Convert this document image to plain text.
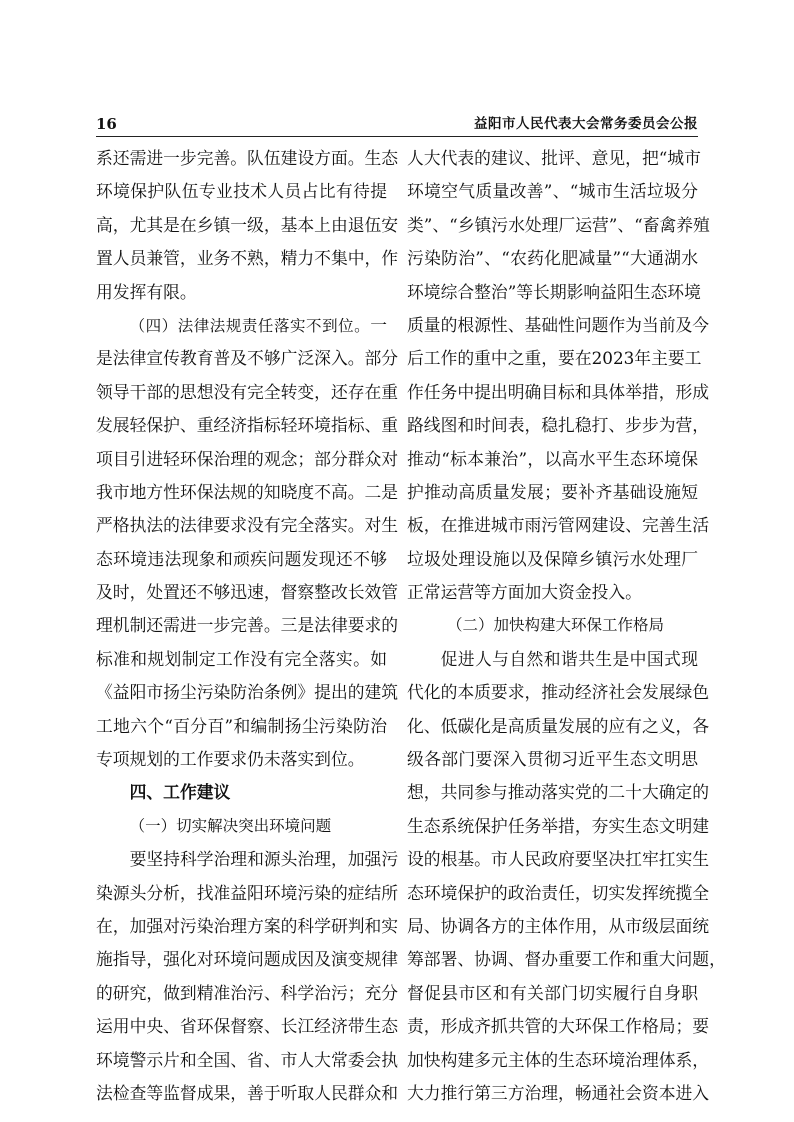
16	益阳市人民代表大会常务委员会公报
系还需进一步完善。队伍建设方面。生态
环境保护队伍专业技术人员占比有待提
高，尤其是在乡镇一级，基本上由退伍安
置人员兼管，业务不熟，精力不集中，作
用发挥有限。
（四）法律法规责任落实不到位。一
是法律宣传教育普及不够广泛深入。部分
领导干部的思想没有完全转变，还存在重
发展轻保护、重经济指标轻环境指标、重
项目引进轻环保治理的观念；部分群众对
我市地方性环保法规的知晓度不高。二是
严格执法的法律要求没有完全落实。对生
态环境违法现象和顽疾问题发现还不够
及时，处置还不够迅速，督察整改长效管
理机制还需进一步完善。三是法律要求的
标准和规划制定工作没有完全落实。如
《益阳市扬尘污染防治条例》提出的建筑
工地六个“百分百”和编制扬尘污染防治
专项规划的工作要求仍未落实到位。
四、工作建议
（一）切实解决突出环境问题
要坚持科学治理和源头治理，加强污
染源头分析，找准益阳环境污染的症结所
在，加强对污染治理方案的科学研判和实
施指导，强化对环境问题成因及演变规律
的研究，做到精准治污、科学治污；充分
运用中央、省环保督察、长江经济带生态
环境警示片和全国、省、市人大常委会执
法检查等监督成果，善于听取人民群众和
人大代表的建议、批评、意见，把“城市
环境空气质量改善”、“城市生活垃圾分
类”、“乡镇污水处理厂运营”、“畜禽养殖
污染防治”、“农药化肥减量”“大通湖水
环境综合整治”等长期影响益阳生态环境
质量的根源性、基础性问题作为当前及今
后工作的重中之重，要在2023年主要工
作任务中提出明确目标和具体举措，形成
路线图和时间表，稳扎稳打、步步为营，
推动“标本兼治”，以高水平生态环境保
护推动高质量发展；要补齐基础设施短
板，在推进城市雨污管网建设、完善生活
垃圾处理设施以及保障乡镇污水处理厂
正常运营等方面加大资金投入。
（二）加快构建大环保工作格局
促进人与自然和谐共生是中国式现
代化的本质要求，推动经济社会发展绿色
化、低碳化是高质量发展的应有之义，各
级各部门要深入贯彻习近平生态文明思
想，共同参与推动落实党的二十大确定的
生态系统保护任务举措，夯实生态文明建
设的根基。市人民政府要坚决扛牢扛实生
态环境保护的政治责任，切实发挥统揽全
局、协调各方的主体作用，从市级层面统
筹部署、协调、督办重要工作和重大问题，
督促县市区和有关部门切实履行自身职
责，形成齐抓共管的大环保工作格局；要
加快构建多元主体的生态环境治理体系，
大力推行第三方治理，畅通社会资本进入
